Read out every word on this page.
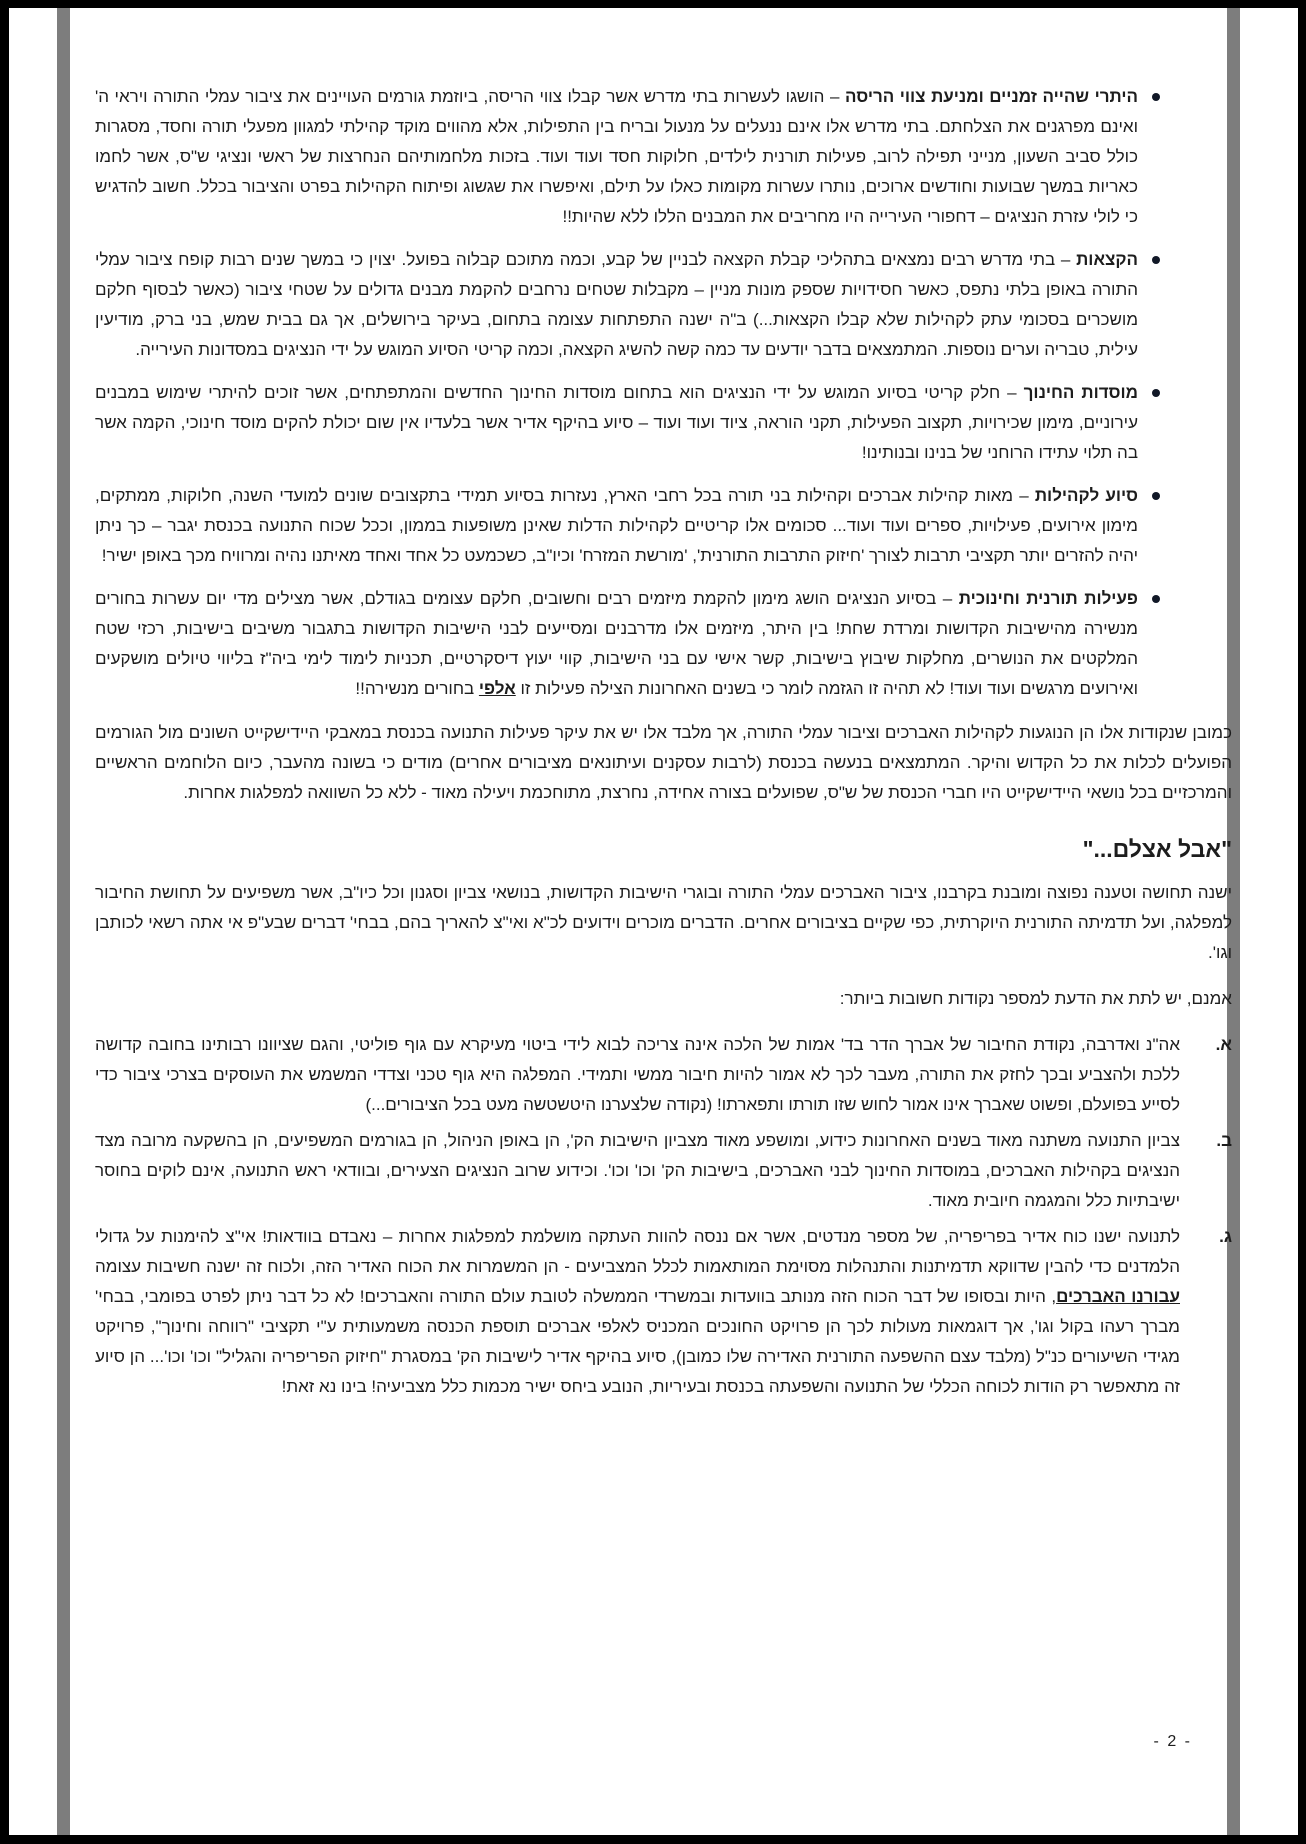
היתרי שהייה זמניים ומניעת צווי הריסה – הושגו לעשרות בתי מדרש אשר קבלו צווי הריסה, ביוזמת גורמים העויינים את ציבור עמלי התורה ויראי ה' ואינם מפרגנים את הצלחתם. בתי מדרש אלו אינם ננעלים על מנעול ובריח בין התפילות, אלא מהווים מוקד קהילתי למגוון מפעלי תורה וחסד, מסגרות כולל סביב השעון, מנייני תפילה לרוב, פעילות תורנית לילדים, חלוקות חסד ועוד ועוד. בזכות מלחמותיהם הנחרצות של ראשי ונציגי ש"ס, אשר לחמו כאריות במשך שבועות וחודשים ארוכים, נותרו עשרות מקומות כאלו על תילם, ואיפשרו את שגשוג ופיתוח הקהילות בפרט והציבור בכלל. חשוב להדגיש כי לולי עזרת הנציגים – דחפורי העירייה היו מחריבים את המבנים הללו ללא שהיות!!

הקצאות – בתי מדרש רבים נמצאים בתהליכי קבלת הקצאה לבניין של קבע, וכמה מתוכם קבלוה בפועל. יצוין כי במשך שנים רבות קופח ציבור עמלי התורה באופן בלתי נתפס, כאשר חסידויות שספק מונות מניין – מקבלות שטחים נרחבים להקמת מבנים גדולים על שטחי ציבור (כאשר לבסוף חלקם מושכרים בסכומי עתק לקהילות שלא קבלו הקצאות...) ב"ה ישנה התפתחות עצומה בתחום, בעיקר בירושלים, אך גם בבית שמש, בני ברק, מודיעין עילית, טבריה וערים נוספות. המתמצאים בדבר יודעים עד כמה קשה להשיג הקצאה, וכמה קריטי הסיוע המוגש על ידי הנציגים במסדונות העירייה.

מוסדות החינוך – חלק קריטי בסיוע המוגש על ידי הנציגים הוא בתחום מוסדות החינוך החדשים והמתפתחים, אשר זוכים להיתרי שימוש במבנים עירוניים, מימון שכירויות, תקצוב הפעילות, תקני הוראה, ציוד ועוד ועוד – סיוע בהיקף אדיר אשר בלעדיו אין שום יכולת להקים מוסד חינוכי, הקמה אשר בה תלוי עתידו הרוחני של בנינו ובנותינו!

סיוע לקהילות – מאות קהילות אברכים וקהילות בני תורה בכל רחבי הארץ, נעזרות בסיוע תמידי בתקצובים שונים למועדי השנה, חלוקות, ממתקים, מימון אירועים, פעילויות, ספרים ועוד ועוד... סכומים אלו קריטיים לקהילות הדלות שאינן משופעות בממון, וככל שכוח התנועה בכנסת יגבר – כך ניתן יהיה להזרים יותר תקציבי תרבות לצורך 'חיזוק התרבות התורנית', 'מורשת המזרח' וכיו"ב, כשכמעט כל אחד ואחד מאיתנו נהיה ומרוויח מכך באופן ישיר!

פעילות תורנית וחינוכית – בסיוע הנציגים הושג מימון להקמת מיזמים רבים וחשובים, חלקם עצומים בגודלם, אשר מצילים מדי יום עשרות בחורים מנשירה מהישיבות הקדושות ומרדת שחת! בין היתר, מיזמים אלו מדרבנים ומסייעים לבני הישיבות הקדושות בתגבור משיבים בישיבות, רכזי שטח המלקטים את הנושרים, מחלקות שיבוץ בישיבות, קשר אישי עם בני הישיבות, קווי יעוץ דיסקרטיים, תכניות לימוד לימי ביה"ז בליווי טיולים מושקעים ואירועים מרגשים ועוד ועוד! לא תהיה זו הגזמה לומר כי בשנים האחרונות הצילה פעילות זו אלפי בחורים מנשירה!!

כמובן שנקודות אלו הן הנוגעות לקהילות האברכים וציבור עמלי התורה, אך מלבד אלו יש את עיקר פעילות התנועה בכנסת במאבקי היידישקייט השונים מול הגורמים הפועלים לכלות את כל הקדוש והיקר. המתמצאים בנעשה בכנסת (לרבות עסקנים ועיתונאים מציבורים אחרים) מודים כי בשונה מהעבר, כיום הלוחמים הראשיים והמרכזיים בכל נושאי היידישקייט היו חברי הכנסת של ש"ס, שפועלים בצורה אחידה, נחרצת, מתוחכמת ויעילה מאוד - ללא כל השוואה למפלגות אחרות.

"אבל אצלם..."

ישנה תחושה וטענה נפוצה ומובנת בקרבנו, ציבור האברכים עמלי התורה ובוגרי הישיבות הקדושות, בנושאי צביון וסגנון וכל כיו"ב, אשר משפיעים על תחושת החיבור למפלגה, ועל תדמיתה התורנית היוקרתית, כפי שקיים בציבורים אחרים. הדברים מוכרים וידועים לכ"א ואי"צ להאריך בהם, בבחי' דברים שבע"פ אי אתה רשאי לכותבן וגו'.

אמנם, יש לתת את הדעת למספר נקודות חשובות ביותר:

א.

אה"נ ואדרבה, נקודת החיבור של אברך הדר בד' אמות של הלכה אינה צריכה לבוא לידי ביטוי מעיקרא עם גוף פוליטי, והגם שציוונו רבותינו בחובה קדושה ללכת ולהצביע ובכך לחזק את התורה, מעבר לכך לא אמור להיות חיבור ממשי ותמידי. המפלגה היא גוף טכני וצדדי המשמש את העוסקים בצרכי ציבור כדי לסייע בפועלם, ופשוט שאברך אינו אמור לחוש שזו תורתו ותפארתו! (נקודה שלצערנו היטשטשה מעט בכל הציבורים...)

ב.

צביון התנועה משתנה מאוד בשנים האחרונות כידוע, ומושפע מאוד מצביון הישיבות הק', הן באופן הניהול, הן בגורמים המשפיעים, הן בהשקעה מרובה מצד הנציגים בקהילות האברכים, במוסדות החינוך לבני האברכים, בישיבות הק' וכו' וכו'. וכידוע שרוב הנציגים הצעירים, ובוודאי ראש התנועה, אינם לוקים בחוסר ישיבתיות כלל והמגמה חיובית מאוד.

ג.

לתנועה ישנו כוח אדיר בפריפריה, של מספר מנדטים, אשר אם ננסה להוות העתקה מושלמת למפלגות אחרות – נאבדם בוודאות! אי"צ להימנות על גדולי הלמדנים כדי להבין שדווקא תדמיתנות והתנהלות מסוימת המותאמות לכלל המצביעים - הן המשמרות את הכוח האדיר הזה, ולכוח זה ישנה חשיבות עצומה עבורנו האברכים, היות ובסופו של דבר הכוח הזה מנותב בוועדות ובמשרדי הממשלה לטובת עולם התורה והאברכים! לא כל דבר ניתן לפרט בפומבי, בבחי' מברך רעהו בקול וגו', אך דוגמאות מעולות לכך הן פרויקט החונכים המכניס לאלפי אברכים תוספת הכנסה משמעותית ע"י תקציבי "רווחה וחינוך", פרויקט מגידי השיעורים כנ"ל (מלבד עצם ההשפעה התורנית האדירה שלו כמובן), סיוע בהיקף אדיר לישיבות הק' במסגרת "חיזוק הפריפריה והגליל" וכו' וכו'... הן סיוע זה מתאפשר רק הודות לכוחה הכללי של התנועה והשפעתה בכנסת ובעיריות, הנובע ביחס ישיר מכמות כלל מצביעיה! בינו נא זאת!

- 2 -
